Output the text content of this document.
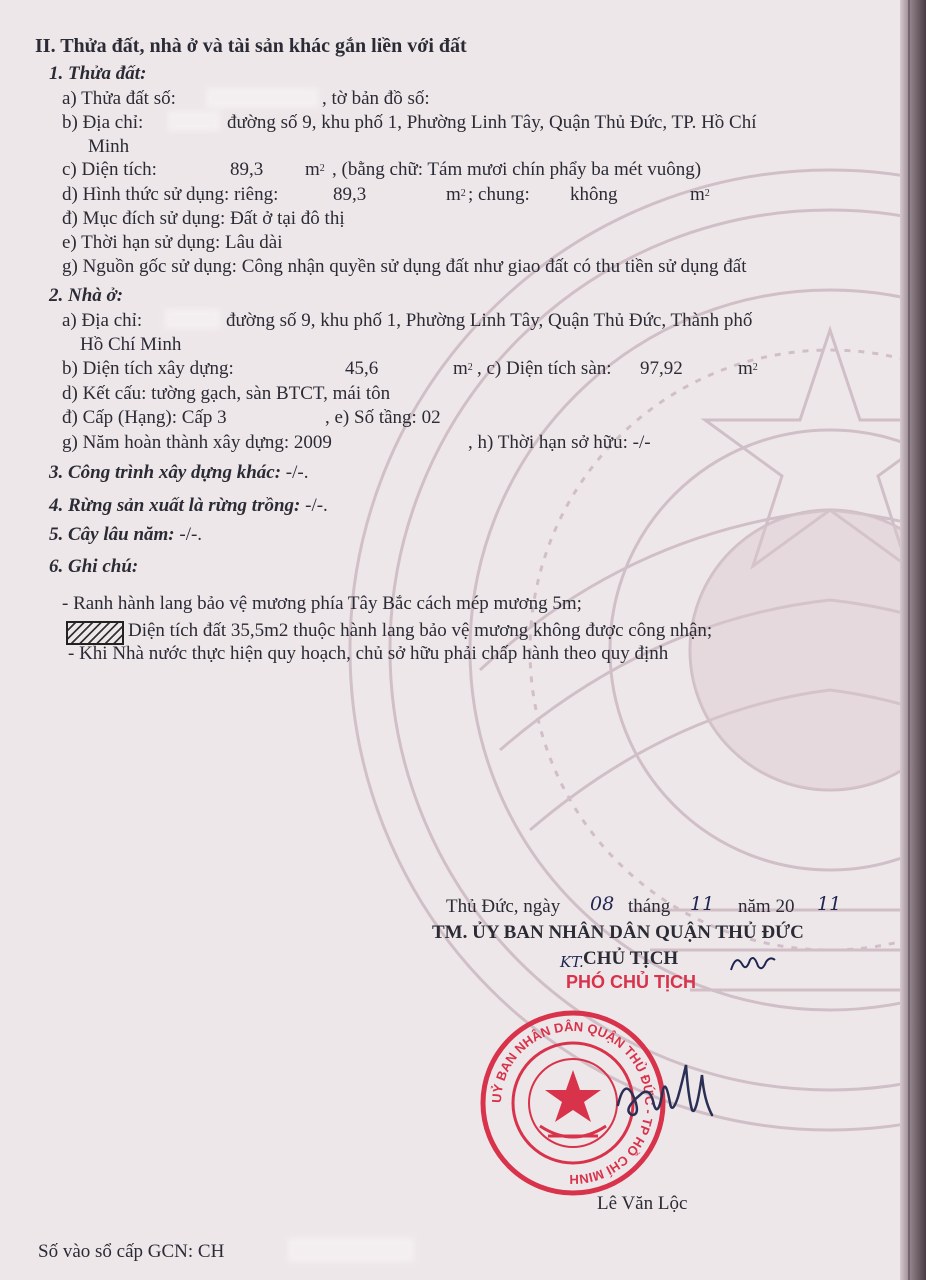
II. Thửa đất, nhà ở và tài sản khác gắn liền với đất
1. Thửa đất:
a) Thửa đất số:	, tờ bản đồ số:
b) Địa chỉ:	đường số 9, khu phố 1, Phường Linh Tây, Quận Thủ Đức, TP. Hồ Chí
Minh
c) Diện tích:	89,3 $m^2$ , (bằng chữ: Tám mươi chín phẩy ba mét vuông)
d) Hình thức sử dụng: riêng:	89,3	$m^2$ ; chung: không	$m^2$
đ) Mục đích sử dụng: Đất ở tại đô thị
e) Thời hạn sử dụng: Lâu dài
g) Nguồn gốc sử dụng: Công nhận quyền sử dụng đất như giao đất có thu tiền sử dụng đất
2. Nhà ở:
a) Địa chỉ:	đường số 9, khu phố 1, Phường Linh Tây, Quận Thủ Đức, Thành phố
Hồ Chí Minh
b) Diện tích xây dựng:	45,6	$m^2$ , c) Diện tích sàn: 97,92	$m^2$
d) Kết cấu: tường gạch, sàn BTCT, mái tôn
đ) Cấp (Hạng): Cấp 3	, e) Số tầng: 02
g) Năm hoàn thành xây dựng: 2009	, h) Thời hạn sở hữu: -/-
3. Công trình xây dựng khác: -/-.
4. Rừng sản xuất là rừng trồng: -/-.
5. Cây lâu năm: -/-.
6. Ghi chú:
- Ranh hành lang bảo vệ mương phía Tây Bắc cách mép mương 5m;
Diện tích đất 35,5m2 thuộc hành lang bảo vệ mương không được công nhận;
- Khi Nhà nước thực hiện quy hoạch, chủ sở hữu phải chấp hành theo quy định
Thủ Đức, ngày 08 tháng 11 năm 20 11
TM. ỦY BAN NHÂN DÂN QUẬN THỦ ĐỨC
KT. CHỦ TỊCH
PHÓ CHỦ TỊCH
UỶ BAN NHÂN DÂN QUẬN THỦ ĐỨC - TP HỒ CHÍ MINH
Lê Văn Lộc
Số vào sổ cấp GCN: CH
